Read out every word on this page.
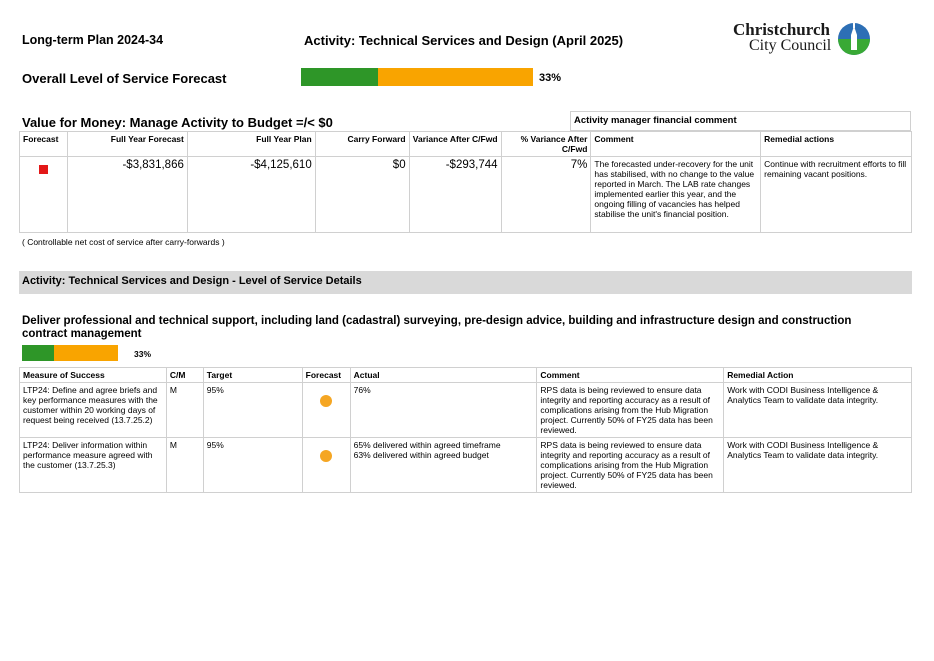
Long-term Plan 2024-34	Activity: Technical Services and Design (April 2025)
Christchurch
City Council
Overall Level of Service Forecast	33%
Value for Money: Manage Activity to Budget =/< $0	Activity manager financial comment
Forecast	Full Year Forecast	Full Year Plan	Carry Forward	Variance After C/Fwd	% Variance After C/Fwd	Comment	Remedial actions

	-$3,831,866	-$4,125,610	$0	-$293,744	7%	The forecasted under-recovery for the unit has stabilised, with no change to the value reported in March. The LAB rate changes implemented earlier this year, and the ongoing filling of vacancies has helped stabilise the unit's financial position.	Continue with recruitment efforts to fill remaining vacant positions.
( Controllable net cost of service after carry-forwards )
Activity: Technical Services and Design - Level of Service Details
Deliver professional and technical support, including land (cadastral) surveying, pre-design advice, building and infrastructure design and construction contract management
33%
Measure of Success	C/M	Target	Forecast	Actual	Comment	Remedial Action
LTP24: Define and agree briefs and key performance measures with the customer within 20 working days of request being received (13.7.25.2)	M	95%		76%	RPS data is being reviewed to ensure data integrity and reporting accuracy as a result of complications arising from the Hub Migration project. Currently 50% of FY25 data has been reviewed.	Work with CODI Business Intelligence & Analytics Team to validate data integrity.
LTP24: Deliver information within performance measure agreed with the customer (13.7.25.3)	M	95%		65% delivered within agreed timeframe
63% delivered within agreed budget	RPS data is being reviewed to ensure data integrity and reporting accuracy as a result of complications arising from the Hub Migration project. Currently 50% of FY25 data has been reviewed.	Work with CODI Business Intelligence & Analytics Team to validate data integrity.
